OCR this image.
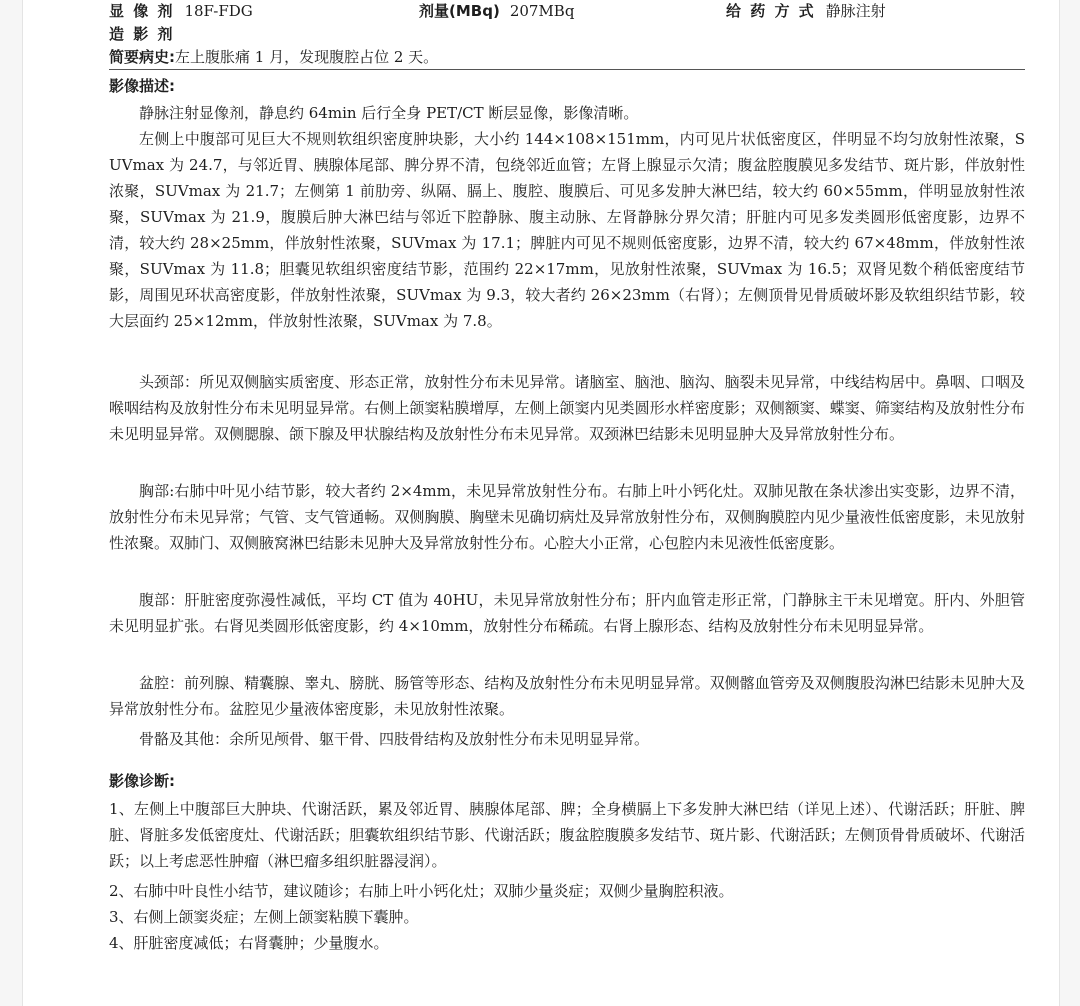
显 像 剂 18F-FDG	剂量(MBq) 207MBq	给 药 方 式 静脉注射
造 影 剂
简要病史:左上腹胀痛 1 月，发现腹腔占位 2 天。
影像描述:

静脉注射显像剂，静息约 64min 后行全身 PET/CT 断层显像，影像清晰。

左侧上中腹部可见巨大不规则软组织密度肿块影，大小约 144×108×151mm，内可见片状低密度区，伴明显不均匀放射性浓聚，SUVmax 为 24.7，与邻近胃、胰腺体尾部、脾分界不清，包绕邻近血管；左肾上腺显示欠清；腹盆腔腹膜见多发结节、斑片影，伴放射性浓聚，SUVmax 为 21.7；左侧第 1 前肋旁、纵隔、膈上、腹腔、腹膜后、可见多发肿大淋巴结，较大约 60×55mm，伴明显放射性浓聚，SUVmax 为 21.9，腹膜后肿大淋巴结与邻近下腔静脉、腹主动脉、左肾静脉分界欠清；肝脏内可见多发类圆形低密度影，边界不清，较大约 28×25mm，伴放射性浓聚，SUVmax 为 17.1；脾脏内可见不规则低密度影，边界不清，较大约 67×48mm，伴放射性浓聚，SUVmax 为 11.8；胆囊见软组织密度结节影，范围约 22×17mm，见放射性浓聚，SUVmax 为 16.5；双肾见数个稍低密度结节影，周围见环状高密度影，伴放射性浓聚，SUVmax 为 9.3，较大者约 26×23mm（右肾）；左侧顶骨见骨质破坏影及软组织结节影，较大层面约 25×12mm，伴放射性浓聚，SUVmax 为 7.8。

头颈部：所见双侧脑实质密度、形态正常，放射性分布未见异常。诸脑室、脑池、脑沟、脑裂未见异常，中线结构居中。鼻咽、口咽及喉咽结构及放射性分布未见明显异常。右侧上颌窦粘膜增厚，左侧上颌窦内见类圆形水样密度影；双侧额窦、蝶窦、筛窦结构及放射性分布未见明显异常。双侧腮腺、颌下腺及甲状腺结构及放射性分布未见异常。双颈淋巴结影未见明显肿大及异常放射性分布。

胸部:右肺中叶见小结节影，较大者约 2×4mm，未见异常放射性分布。右肺上叶小钙化灶。双肺见散在条状渗出实变影，边界不清，放射性分布未见异常；气管、支气管通畅。双侧胸膜、胸壁未见确切病灶及异常放射性分布，双侧胸膜腔内见少量液性低密度影，未见放射性浓聚。双肺门、双侧腋窝淋巴结影未见肿大及异常放射性分布。心腔大小正常，心包腔内未见液性低密度影。

腹部：肝脏密度弥漫性减低，平均 CT 值为 40HU，未见异常放射性分布；肝内血管走形正常，门静脉主干未见增宽。肝内、外胆管未见明显扩张。右肾见类圆形低密度影，约 4×10mm，放射性分布稀疏。右肾上腺形态、结构及放射性分布未见明显异常。

盆腔：前列腺、精囊腺、睾丸、膀胱、肠管等形态、结构及放射性分布未见明显异常。双侧髂血管旁及双侧腹股沟淋巴结影未见肿大及异常放射性分布。盆腔见少量液体密度影，未见放射性浓聚。

骨骼及其他：余所见颅骨、躯干骨、四肢骨结构及放射性分布未见明显异常。

影像诊断:

1、左侧上中腹部巨大肿块、代谢活跃，累及邻近胃、胰腺体尾部、脾；全身横膈上下多发肿大淋巴结（详见上述）、代谢活跃；肝脏、脾脏、肾脏多发低密度灶、代谢活跃；胆囊软组织结节影、代谢活跃；腹盆腔腹膜多发结节、斑片影、代谢活跃；左侧顶骨骨质破坏、代谢活跃；以上考虑恶性肿瘤（淋巴瘤多组织脏器浸润）。

2、右肺中叶良性小结节，建议随诊；右肺上叶小钙化灶；双肺少量炎症；双侧少量胸腔积液。

3、右侧上颌窦炎症；左侧上颌窦粘膜下囊肿。

4、肝脏密度减低；右肾囊肿；少量腹水。
